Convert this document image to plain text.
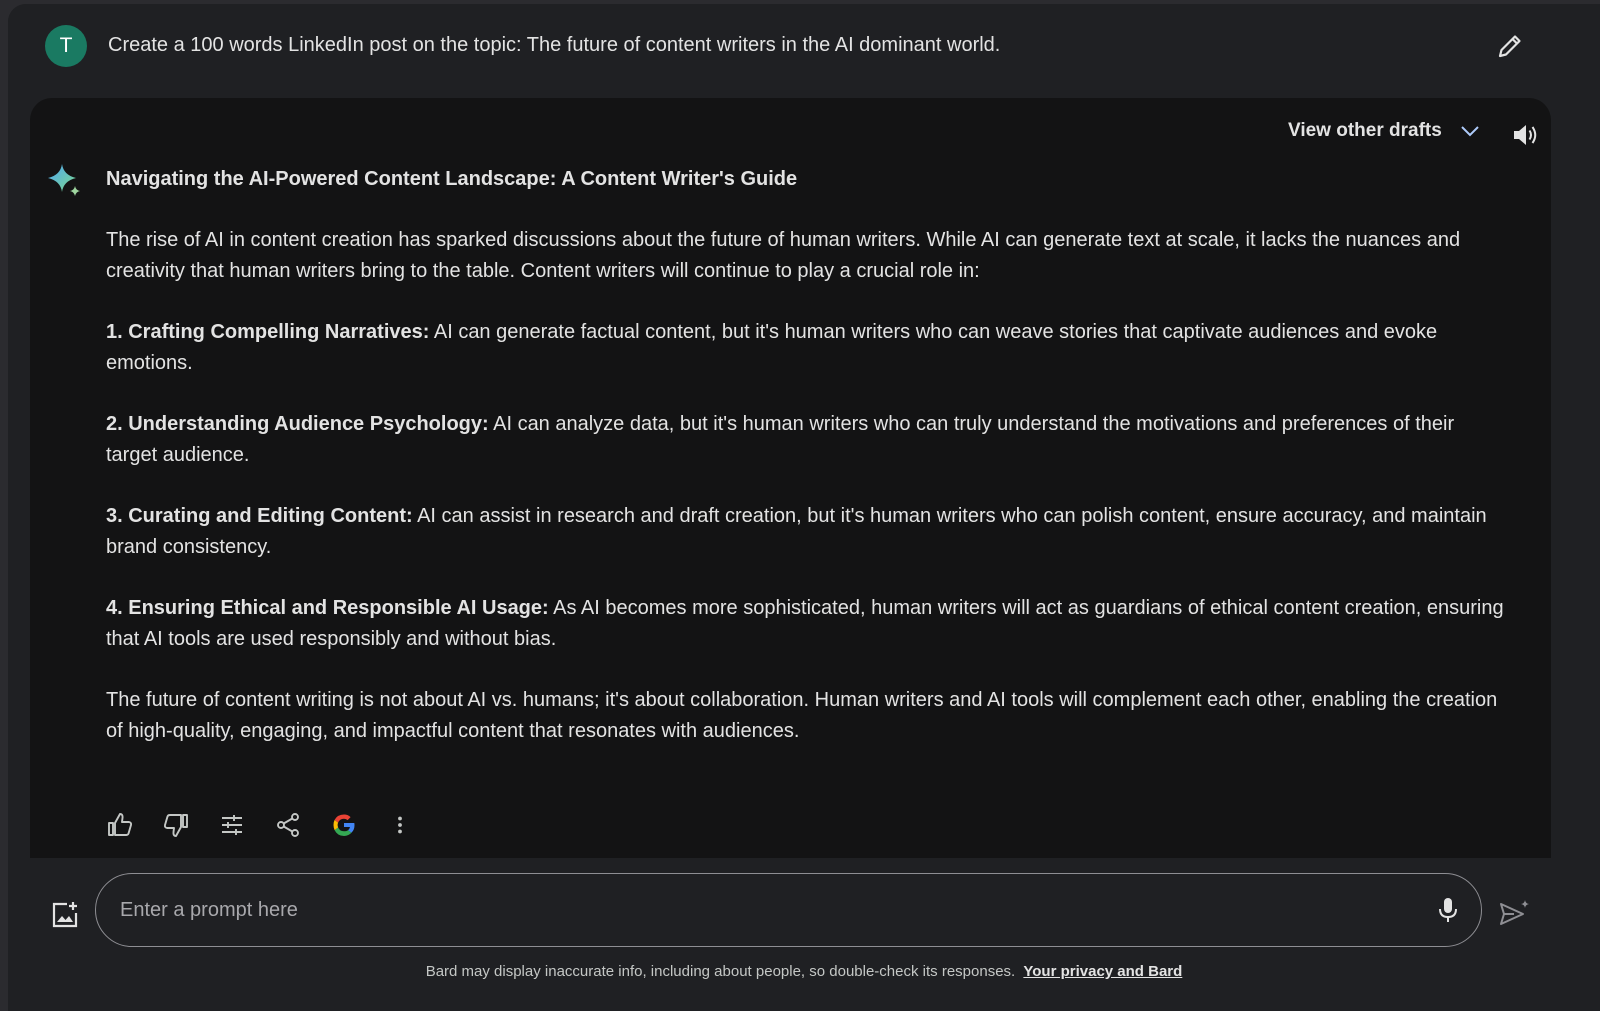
T	Create a 100 words LinkedIn post on the topic: The future of content writers in the AI dominant world.
View other drafts
Navigating the AI-Powered Content Landscape: A Content Writer's Guide

The rise of AI in content creation has sparked discussions about the future of human writers. While AI can generate text at scale, it lacks the nuances and creativity that human writers bring to the table. Content writers will continue to play a crucial role in:

1. Crafting Compelling Narratives: AI can generate factual content, but it's human writers who can weave stories that captivate audiences and evoke emotions.

2. Understanding Audience Psychology: AI can analyze data, but it's human writers who can truly understand the motivations and preferences of their target audience.

3. Curating and Editing Content: AI can assist in research and draft creation, but it's human writers who can polish content, ensure accuracy, and maintain brand consistency.

4. Ensuring Ethical and Responsible AI Usage: As AI becomes more sophisticated, human writers will act as guardians of ethical content creation, ensuring that AI tools are used responsibly and without bias.

The future of content writing is not about AI vs. humans; it's about collaboration. Human writers and AI tools will complement each other, enabling the creation of high-quality, engaging, and impactful content that resonates with audiences.

Enter a prompt here
Bard may display inaccurate info, including about people, so double-check its responses. Your privacy and Bard
